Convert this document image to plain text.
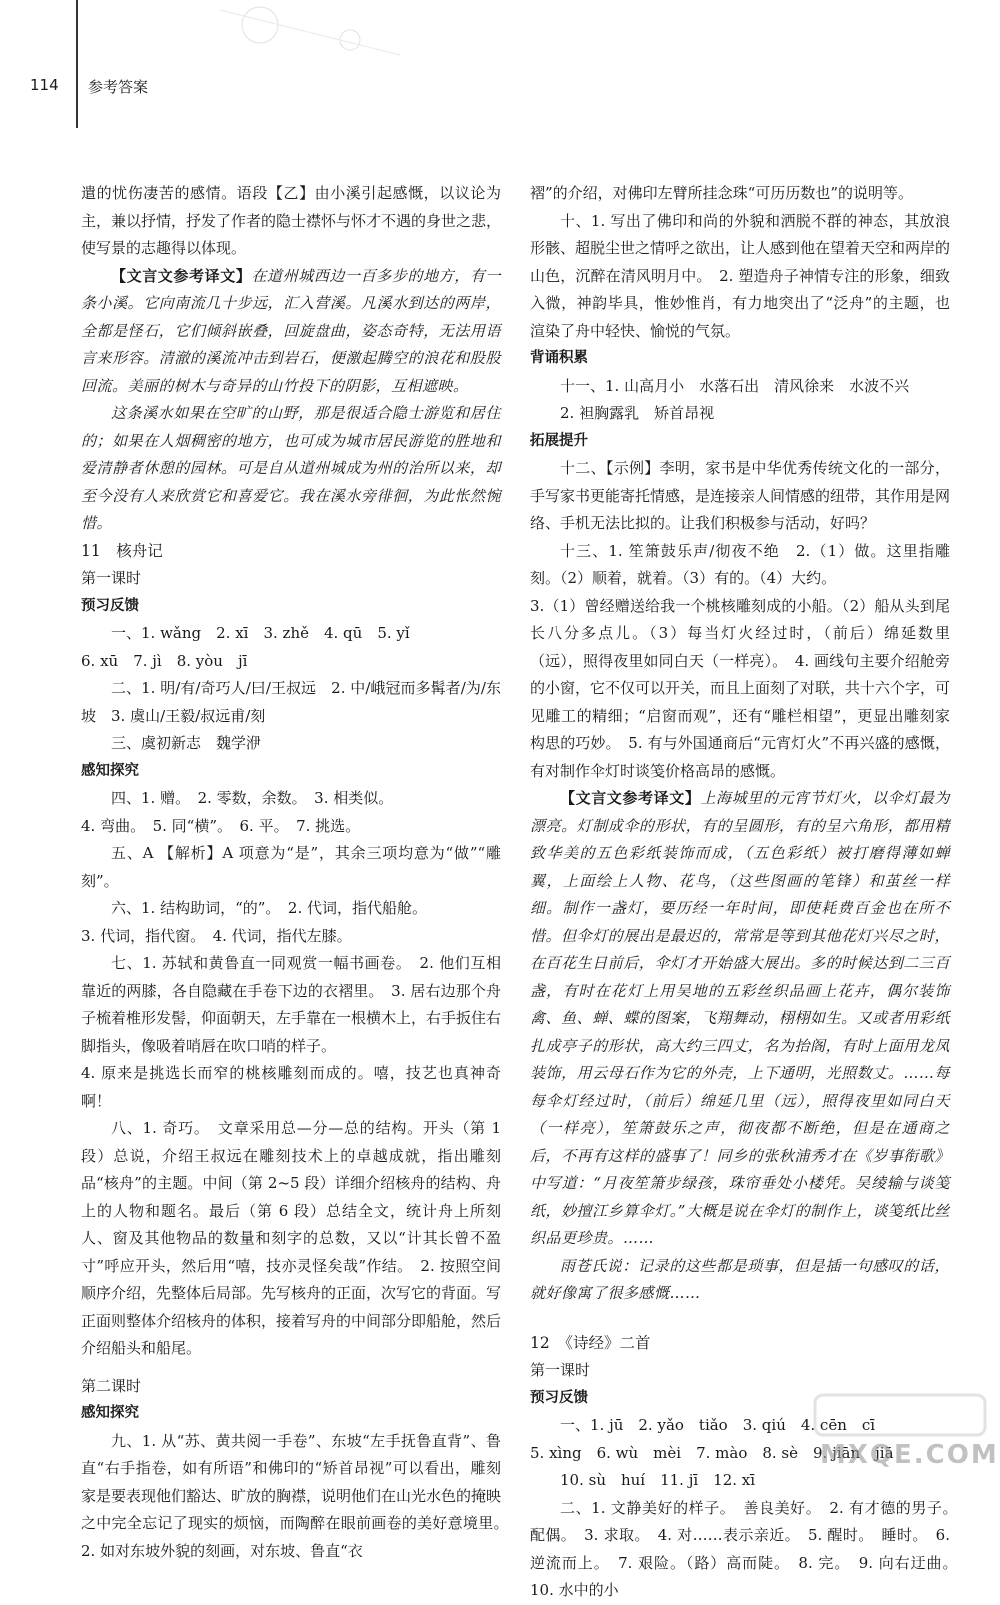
114 参考答案

遣的忧伤凄苦的感情。语段【乙】由小溪引起感慨，以议论为主，兼以抒情，抒发了作者的隐士襟怀与怀才不遇的身世之悲，使写景的志趣得以体现。

【文言文参考译文】在道州城西边一百多步的地方，有一条小溪。它向南流几十步远，汇入营溪。凡溪水到达的两岸，全都是怪石，它们倾斜嵌叠，回旋盘曲，姿态奇特，无法用语言来形容。清澈的溪流冲击到岩石，便激起腾空的浪花和股股回流。美丽的树木与奇异的山竹投下的阴影，互相遮映。

这条溪水如果在空旷的山野，那是很适合隐士游览和居住的；如果在人烟稠密的地方，也可成为城市居民游览的胜地和爱清静者休憩的园林。可是自从道州城成为州的治所以来，却至今没有人来欣赏它和喜爱它。我在溪水旁徘徊，为此怅然惋惜。

11　核舟记

第一课时

预习反馈

一、1. wǎng　2. xī　3. zhě　4. qū　5. yǐ

6. xū　7. jì　8. yòu　jī

二、1. 明/有/奇巧人/曰/王叔远　2. 中/峨冠而多髯者/为/东坡　3. 虞山/王毅/叔远甫/刻

三、虞初新志　魏学洢

感知探究

四、1. 赠。　2. 零数，余数。　3. 相类似。

4. 弯曲。　5. 同“横”。　6. 平。　7. 挑选。

五、A 【解析】A 项意为“是”，其余三项均意为“做”“雕刻”。

六、1. 结构助词，“的”。　2. 代词，指代船舱。

3. 代词，指代窗。　4. 代词，指代左膝。

七、1. 苏轼和黄鲁直一同观赏一幅书画卷。　2. 他们互相靠近的两膝，各自隐藏在手卷下边的衣褶里。　3. 居右边那个舟子梳着椎形发髻，仰面朝天，左手靠在一根横木上，右手扳住右脚指头，像吸着哨唇在吹口哨的样子。

4. 原来是挑选长而窄的桃核雕刻而成的。嘻，技艺也真神奇啊！

八、1. 奇巧。　文章采用总—分—总的结构。开头（第 1 段）总说，介绍王叔远在雕刻技术上的卓越成就，指出雕刻品“核舟”的主题。中间（第 2~5 段）详细介绍核舟的结构、舟上的人物和题名。最后（第 6 段）总结全文，统计舟上所刻人、窗及其他物品的数量和刻字的总数，又以“计其长曾不盈寸”呼应开头，然后用“嘻，技亦灵怪矣哉”作结。　2. 按照空间顺序介绍，先整体后局部。先写核舟的正面，次写它的背面。写正面则整体介绍核舟的体积，接着写舟的中间部分即船舱，然后介绍船头和船尾。

第二课时

感知探究

九、1. 从“苏、黄共阅一手卷”、东坡“左手抚鲁直背”、鲁直“右手指卷，如有所语”和佛印的“矫首昂视”可以看出，雕刻家是要表现他们豁达、旷放的胸襟，说明他们在山光水色的掩映之中完全忘记了现实的烦恼，而陶醉在眼前画卷的美好意境里。　2. 如对东坡外貌的刻画，对东坡、鲁直“衣

褶”的介绍，对佛印左臂所挂念珠“可历历数也”的说明等。

十、1. 写出了佛印和尚的外貌和洒脱不群的神态，其放浪形骸、超脱尘世之情呼之欲出，让人感到他在望着天空和两岸的山色，沉醉在清风明月中。　2. 塑造舟子神情专注的形象，细致入微，神韵毕具，惟妙惟肖，有力地突出了“泛舟”的主题，也渲染了舟中轻快、愉悦的气氛。

背诵积累

十一、1. 山高月小　水落石出　清风徐来　水波不兴

2. 袒胸露乳　矫首昂视

拓展提升

十二、【示例】李明，家书是中华优秀传统文化的一部分，手写家书更能寄托情感，是连接亲人间情感的纽带，其作用是网络、手机无法比拟的。让我们积极参与活动，好吗？

十三、1. 笙箫鼓乐声/彻夜不绝　2.（1）做。这里指雕刻。（2）顺着，就着。（3）有的。（4）大约。

3.（1）曾经赠送给我一个桃核雕刻成的小船。（2）船从头到尾长八分多点儿。（3）每当灯火经过时，（前后）绵延数里（远），照得夜里如同白天（一样亮）。　4. 画线句主要介绍舱旁的小窗，它不仅可以开关，而且上面刻了对联，共十六个字，可见雕工的精细；“启窗而观”，还有“雕栏相望”，更显出雕刻家构思的巧妙。　5. 有与外国通商后“元宵灯火”不再兴盛的感慨，有对制作伞灯时谈笺价格高昂的感慨。

【文言文参考译文】上海城里的元宵节灯火，以伞灯最为漂亮。灯制成伞的形状，有的呈圆形，有的呈六角形，都用精致华美的五色彩纸装饰而成，（五色彩纸）被打磨得薄如蝉翼，上面绘上人物、花鸟，（这些图画的笔锋）和茧丝一样细。制作一盏灯，要历经一年时间，即使耗费百金也在所不惜。但伞灯的展出是最迟的，常常是等到其他花灯兴尽之时，在百花生日前后，伞灯才开始盛大展出。多的时候达到二三百盏，有时在花灯上用吴地的五彩丝织品画上花卉，偶尔装饰禽、鱼、蝉、蝶的图案，飞翔舞动，栩栩如生。又或者用彩纸扎成亭子的形状，高大约三四丈，名为抬阁，有时上面用龙凤装饰，用云母石作为它的外壳，上下通明，光照数丈。……每每伞灯经过时，（前后）绵延几里（远），照得夜里如同白天（一样亮），笙箫鼓乐之声，彻夜都不断绝，但是在通商之后，不再有这样的盛事了！同乡的张秋浦秀才在《岁事衔歌》中写道：“月夜笙箫步绿孩，珠帘垂处小楼凭。吴绫输与谈笺纸，妙擅江乡算伞灯。”大概是说在伞灯的制作上，谈笺纸比丝织品更珍贵。……

雨苍氏说：记录的这些都是琐事，但是插一句感叹的话，就好像寓了很多感慨……

12　《诗经》二首

第一课时

预习反馈

一、1. jū　2. yǎo　tiǎo　3. qiú　4. cēn　cī

5. xìng　6. wù　mèi　7. mào　8. sè　9. jiān　jiā

10. sù　huí　11. jī　12. xī

二、1. 文静美好的样子。　善良美好。　2. 有才德的男子。　配偶。　3. 求取。　4. 对……表示亲近。　5. 醒时。　睡时。　6. 逆流而上。　7. 艰险。（路）高而陡。　8. 完。　9. 向右迂曲。　10. 水中的小

MXQE.COM
